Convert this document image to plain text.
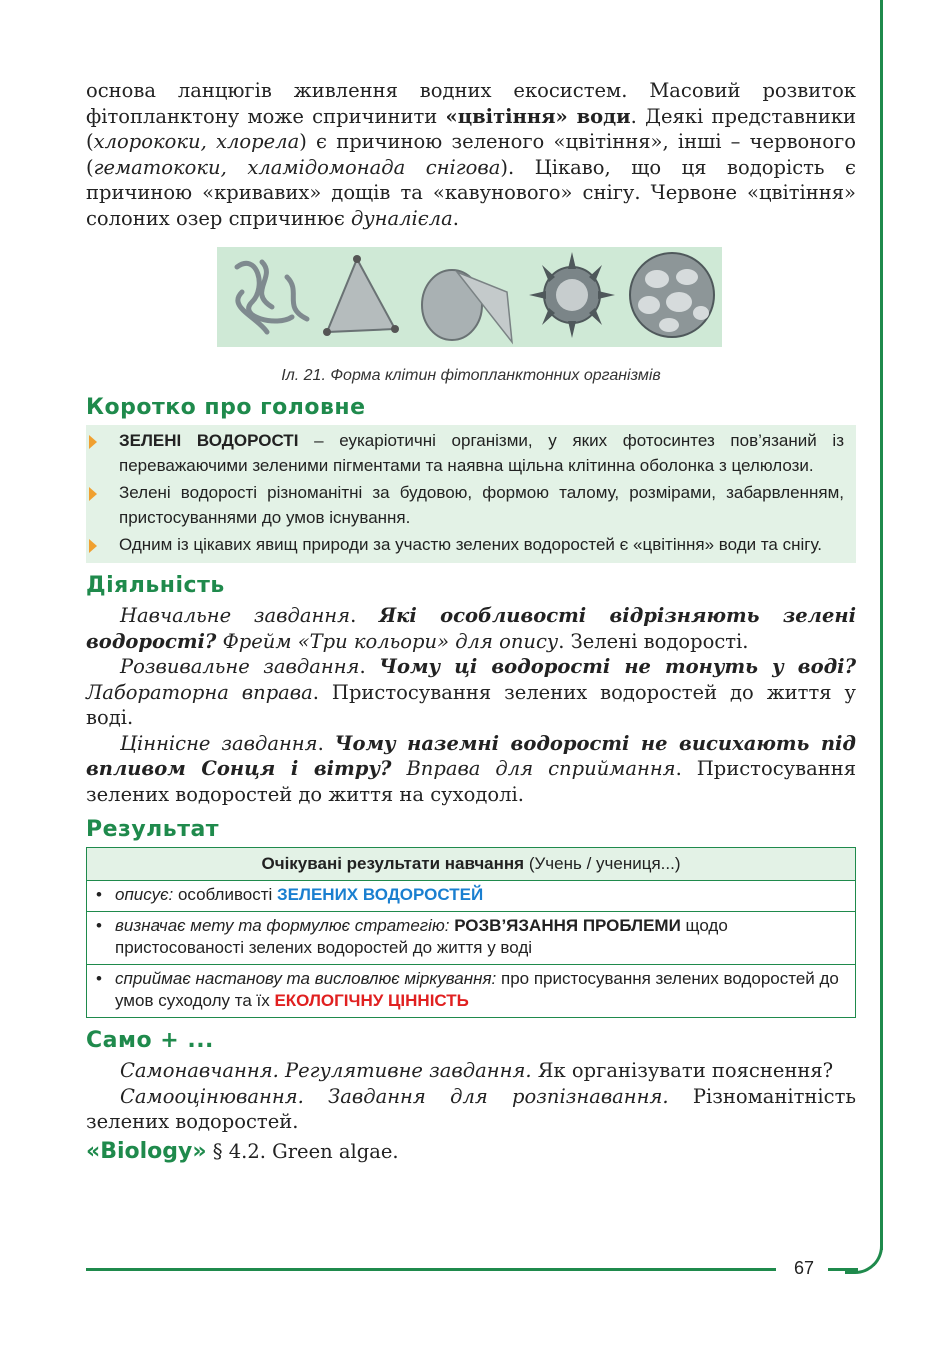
67

основа ланцюгів живлення водних екосистем. Масовий розвиток фітопланктону може спричинити «цвітіння» води. Деякі представники (хлорококи, хлорела) є причиною зеленого «цвітіння», інші – червоного (гематококи, хламідомонада снігова). Цікаво, що ця водорість є причиною «кривавих» дощів та «кавунового» снігу. Червоне «цвітіння» солоних озер спричинює дуналієла.

Іл. 21. Форма клітин фітопланктонних організмів
Коротко про головне
ЗЕЛЕНІ ВОДОРОСТІ – еукаріотичні організми, у яких фотосинтез пов’язаний із переважаючими зеленими пігментами та наявна щільна клітинна оболонка з целюлози.
Зелені водорості різноманітні за будовою, формою талому, розмірами, забарвленням, пристосуваннями до умов існування.
Одним із цікавих явищ природи за участю зелених водоростей є «цвітіння» води та снігу.
Діяльність

Навчальне завдання. Які особливості відрізняють зелені водорості? Фрейм «Три кольори» для опису. Зелені водорості.

Розвивальне завдання. Чому ці водорості не тонуть у воді? Лабораторна вправа. Пристосування зелених водоростей до життя у воді.

Ціннісне завдання. Чому наземні водорості не висихають під впливом Сонця і вітру? Вправа для сприймання. Пристосування зелених водоростей до життя на суходолі.

Результат
Очікувані результати навчання (Учень / учениця...)

• описує: особливості ЗЕЛЕНИХ ВОДОРОСТЕЙ

• визначає мету та формулює стратегію: РОЗВ’ЯЗАННЯ ПРОБЛЕМИ щодо пристосованості зелених водоростей до життя у воді

• сприймає настанову та висловлює міркування: про пристосування зелених водоростей до умов суходолу та їх ЕКОЛОГІЧНУ ЦІННІСТЬ
Само + ...

Самонавчання. Регулятивне завдання. Як організувати пояснення?

Самооцінювання. Завдання для розпізнавання. Різноманітність зелених водоростей.

«Biology» § 4.2. Green algae.
